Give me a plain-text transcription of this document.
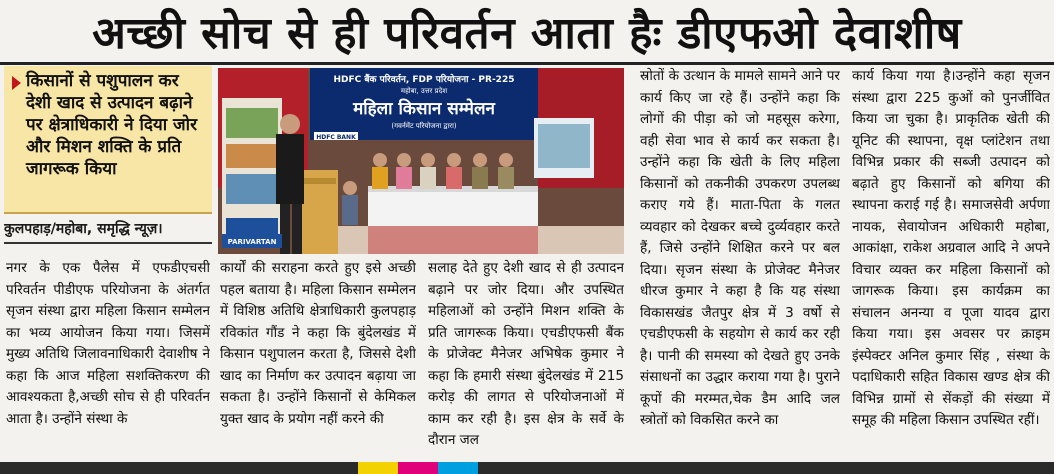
अच्छी सोच से ही परिवर्तन आता हैः डीएफओ देवाशीष
किसानों से पशुपालन कर देशी खाद से उत्पादन बढ़ाने पर क्षेत्राधिकारी ने दिया जोर और मिशन शक्ति के प्रति जागरूक किया
कुलपहाड़/महोबा, समृद्धि न्यूज़।
नगर के एक पैलेस में एफडीएचसी परिवर्तन पीडीएफ परियोजना के अंतर्गत सृजन संस्था द्वारा महिला किसान सम्मेलन का भव्य आयोजन किया गया। जिसमें मुख्य अतिथि जिलावनाधिकारी देवाशीष ने कहा कि आज महिला सशक्तिकरण की आवश्यकता है,अच्छी सोच से ही परिवर्तन आता है। उन्होंने संस्था के
HDFC बैंक परिवर्तन, FDP परियोजना - PR-225
महोबा, उत्तर प्रदेश
महिला किसान सम्मेलन
(गवर्नमेंट परियोजना द्वारा)
HDFC BANK
PARIVARTAN
कार्यों की सराहना करते हुए इसे अच्छी पहल बताया है। महिला किसान सम्मेलन में विशिष्ठ अतिथि क्षेत्राधिकारी कुलपहाड़ रविकांत गौंड ने कहा कि बुंदेलखंड में किसान पशुपालन करता है, जिससे देशी खाद का निर्माण कर उत्पादन बढ़ाया जा सकता है। उन्होंने किसानों से केमिकल युक्त खाद के प्रयोग नहीं करने की
सलाह देते हुए देशी खाद से ही उत्पादन बढ़ाने पर जोर दिया। और उपस्थित महिलाओं को उन्होंने मिशन शक्ति के प्रति जागरूक किया। एचडीएफसी बैंक के प्रोजेक्ट मैनेजर अभिषेक कुमार ने कहा कि हमारी संस्था बुंदेलखंड में 215 करोड़ की लागत से परियोजनाओं में काम कर रही है। इस क्षेत्र के सर्वे के दौरान जल
स्रोतों के उत्थान के मामले सामने आने पर कार्य किए जा रहे हैं। उन्होंने कहा कि लोगों की पीड़ा को जो महसूस करेगा, वही सेवा भाव से कार्य कर सकता है। उन्होंने कहा कि खेती के लिए महिला किसानों को तकनीकी उपकरण उपलब्ध कराए गये हैं। माता-पिता के गलत व्यवहार को देखकर बच्चे दुर्व्यवहार करते हैं, जिसे उन्होंने शिक्षित करने पर बल दिया। सृजन संस्था के प्रोजेक्ट मैनेजर धीरज कुमार ने कहा है कि यह संस्था विकासखंड जैतपुर क्षेत्र में 3 वर्षो से एचडीएफसी के सहयोग से कार्य कर रही है। पानी की समस्या को देखते हुए उनके संसाधनों का उद्धार कराया गया है। पुराने कूपों की मरम्मत,चेक डैम आदि जल स्त्रोतों को विकसित करने का
कार्य किया गया है।उन्होंने कहा सृजन संस्था द्वारा 225 कुओं को पुनर्जीवित किया जा चुका है। प्राकृतिक खेती की यूनिट की स्थापना, वृक्ष प्लांटेशन तथा विभिन्न प्रकार की सब्जी उत्पादन को बढ़ाते हुए किसानों को बगिया की स्थापना कराई गई है। समाजसेवी अर्पणा नायक, सेवायोजन अधिकारी महोबा, आकांक्षा, राकेश अग्रवाल आदि ने अपने विचार व्यक्त कर महिला किसानों को जागरूक किया। इस कार्यक्रम का संचालन अनन्या व पूजा यादव द्वारा किया गया। इस अवसर पर क्राइम इंस्पेक्टर अनिल कुमार सिंह , संस्था के पदाधिकारी सहित विकास खण्ड क्षेत्र की विभिन्न ग्रामों से सेंकड़ों की संख्या में समूह की महिला किसान उपस्थित रहीं।
